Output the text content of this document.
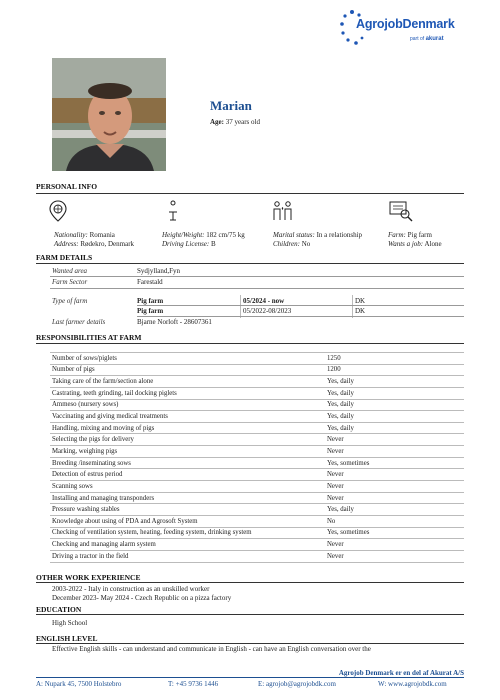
AgrojobDenmark
part of akurat
Marian
Age: 37 years old
PERSONAL INFO
Nationality: Romania
Address: Rødekro, Denmark
Height/Weight: 182 cm/75 kg
Driving License: B
Marital status: In a relationship
Children: No
Farm: Pig farm
Wants a job: Alone
FARM DETAILS
Wanted area	Sydjylland,Fyn
Farm Sector	Farestald
Type of farm	Pig farm	05/2024 - now	DK
Pig farm	05/2022-08/2023	DK
Last farmer details	Bjarne Norloft - 28607361
RESPONSIBILITIES AT FARM
Number of sows/piglets	1250
Number of pigs	1200
Taking care of the farm/section alone	Yes, daily
Castrating, teeth grinding, tail docking piglets	Yes, daily
Ammeso (nursery sows)	Yes, daily
Vaccinating and giving medical treatments	Yes, daily
Handling, mixing and moving of pigs	Yes, daily
Selecting the pigs for delivery	Never
Marking, weighing pigs	Never
Breeding /inseminating sows	Yes, sometimes
Detection of estrus period	Never
Scanning sows	Never
Installing and managing transponders	Never
Pressure washing stables	Yes, daily
Knowledge about using of PDA and Agrosoft System	No
Checking of ventilation system, heating, feeding system, drinking system	Yes, sometimes
Checking and managing alarm system	Never
Driving a tractor in the field	Never
OTHER WORK EXPERIENCE
2003-2022 - Italy in construction as an unskilled worker
December 2023- May 2024 - Czech Republic on a pizza factory
EDUCATION
High School
ENGLISH LEVEL
Effective English skills - can understand and communicate in English - can have an English conversation over the
Agrojob Denmark er en del af Akurat A/S
A: Nupark 45, 7500 Holstebro	T: +45 9736 1446	E: agrojob@agrojobdk.com	W: www.agrojobdk.com
